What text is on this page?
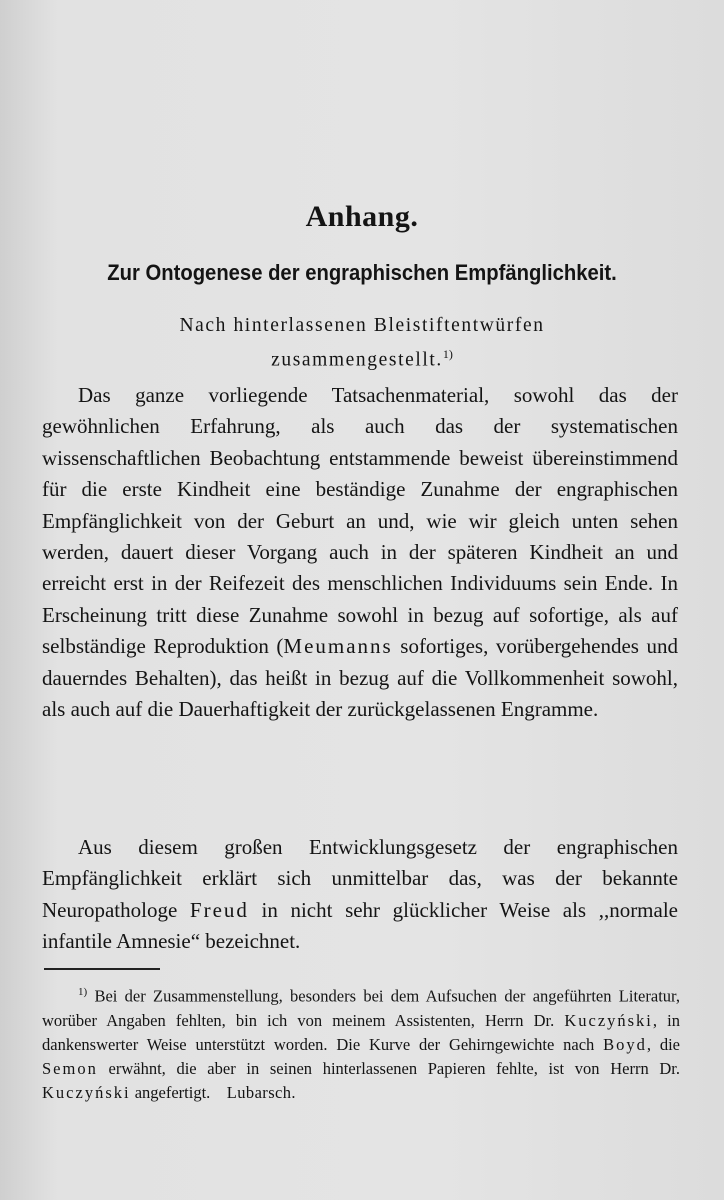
Anhang.
Zur Ontogenese der engraphischen Empfänglichkeit.
Nach hinterlassenen Bleistiftentwürfen
zusammengestellt.$^{1)}$
Das ganze vorliegende Tatsachenmaterial, sowohl das der gewöhnlichen Erfahrung, als auch das der systematischen wissenschaftlichen Beobachtung entstammende beweist übereinstimmend für die erste Kindheit eine beständige Zunahme der engraphischen Empfänglichkeit von der Geburt an und, wie wir gleich unten sehen werden, dauert dieser Vorgang auch in der späteren Kindheit an und erreicht erst in der Reifezeit des menschlichen Individuums sein Ende. In Erscheinung tritt diese Zunahme sowohl in bezug auf sofortige, als auf selbständige Reproduktion (Meumanns sofortiges, vorübergehendes und dauerndes Behalten), das heißt in bezug auf die Vollkommenheit sowohl, als auch auf die Dauerhaftigkeit der zurückgelassenen Engramme.
Aus diesem großen Entwicklungsgesetz der engraphischen Empfänglichkeit erklärt sich unmittelbar das, was der bekannte Neuropathologe Freud in nicht sehr glücklicher Weise als ,,normale infantile Amnesie“ bezeichnet.
$^{1)}$ Bei der Zusammenstellung, besonders bei dem Aufsuchen der angeführten Literatur, worüber Angaben fehlten, bin ich von meinem Assistenten, Herrn Dr. Kuczyński, in dankenswerter Weise unterstützt worden. Die Kurve der Gehirngewichte nach Boyd, die Semon erwähnt, die aber in seinen hinterlassenen Papieren fehlte, ist von Herrn Dr. Kuczyński angefertigt. Lubarsch.
